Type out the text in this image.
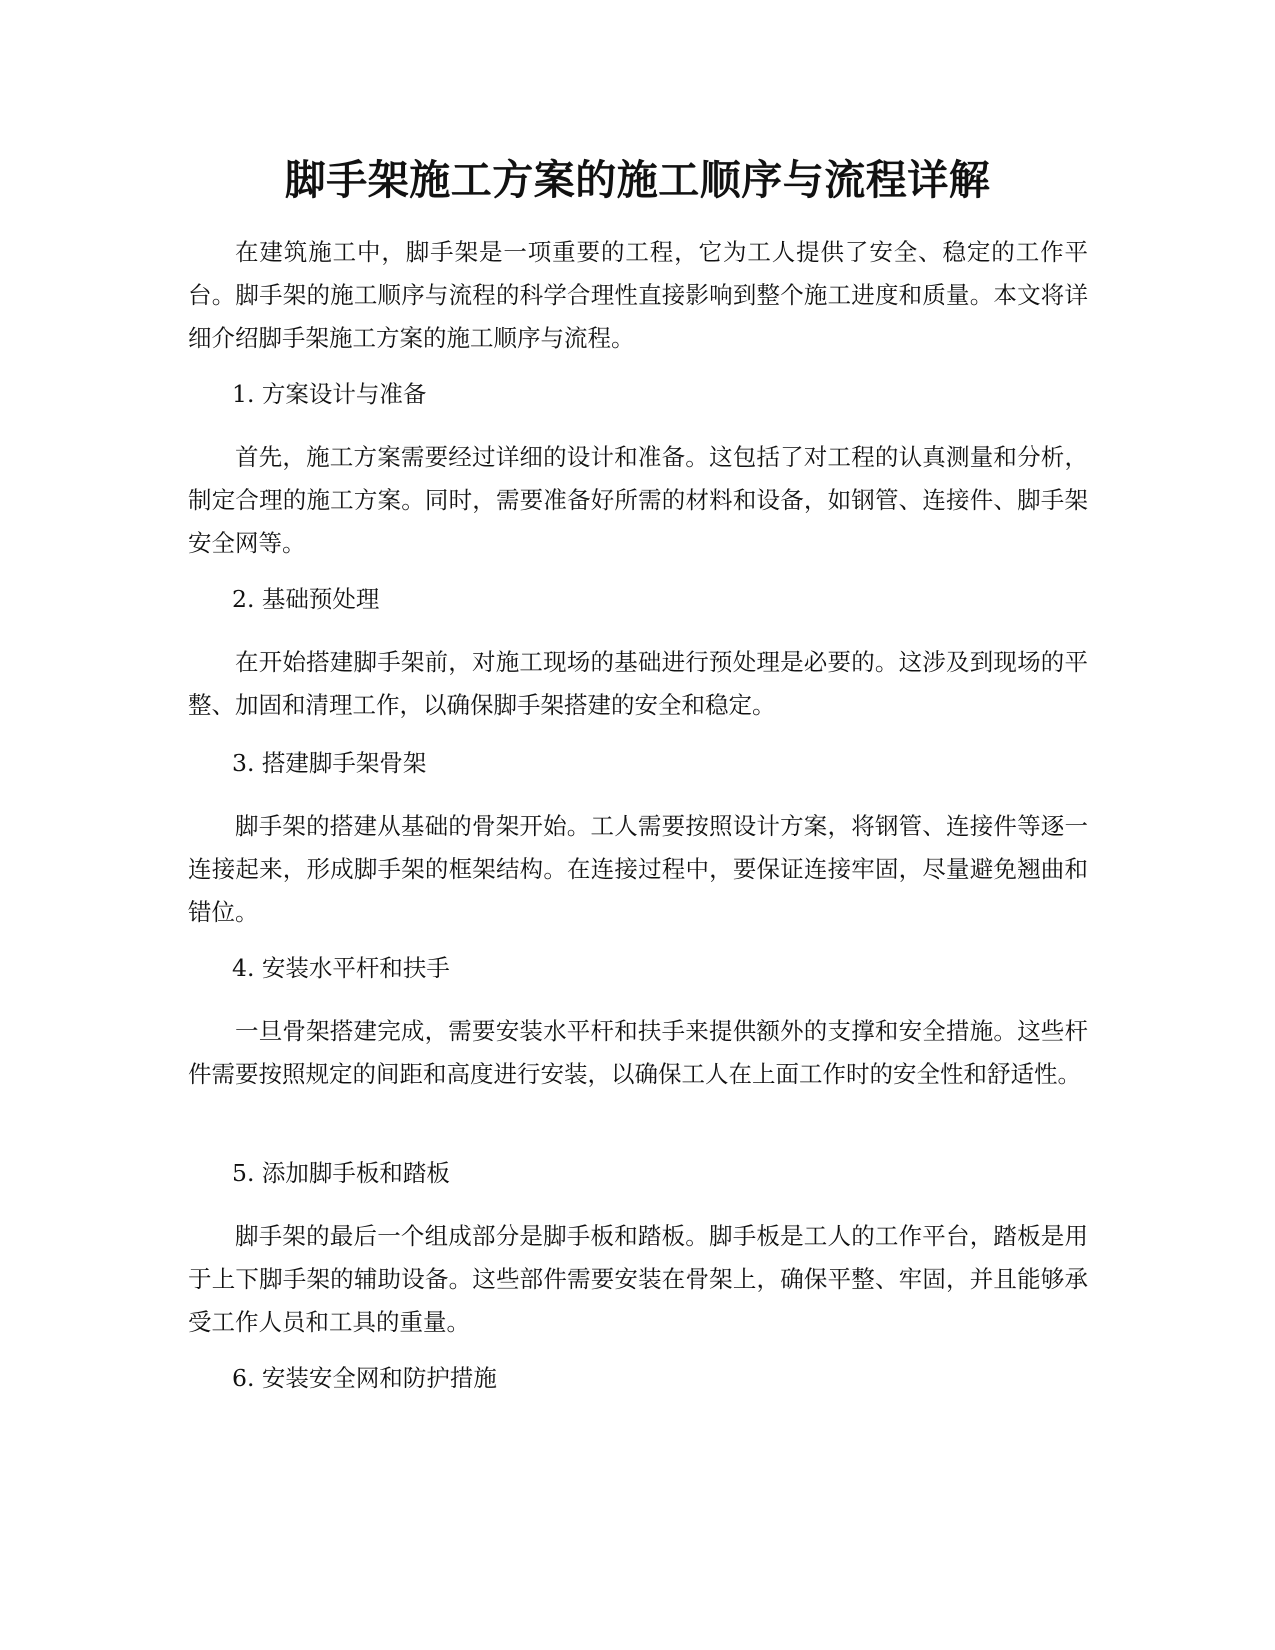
脚手架施工方案的施工顺序与流程详解

在建筑施工中，脚手架是一项重要的工程，它为工人提供了安全、稳定的工作平台。脚手架的施工顺序与流程的科学合理性直接影响到整个施工进度和质量。本文将详细介绍脚手架施工方案的施工顺序与流程。

1. 方案设计与准备

首先，施工方案需要经过详细的设计和准备。这包括了对工程的认真测量和分析，制定合理的施工方案。同时，需要准备好所需的材料和设备，如钢管、连接件、脚手架安全网等。

2. 基础预处理

在开始搭建脚手架前，对施工现场的基础进行预处理是必要的。这涉及到现场的平整、加固和清理工作，以确保脚手架搭建的安全和稳定。

3. 搭建脚手架骨架

脚手架的搭建从基础的骨架开始。工人需要按照设计方案，将钢管、连接件等逐一连接起来，形成脚手架的框架结构。在连接过程中，要保证连接牢固，尽量避免翘曲和错位。

4. 安装水平杆和扶手

一旦骨架搭建完成，需要安装水平杆和扶手来提供额外的支撑和安全措施。这些杆件需要按照规定的间距和高度进行安装，以确保工人在上面工作时的安全性和舒适性。

5. 添加脚手板和踏板

脚手架的最后一个组成部分是脚手板和踏板。脚手板是工人的工作平台，踏板是用于上下脚手架的辅助设备。这些部件需要安装在骨架上，确保平整、牢固，并且能够承受工作人员和工具的重量。

6. 安装安全网和防护措施
